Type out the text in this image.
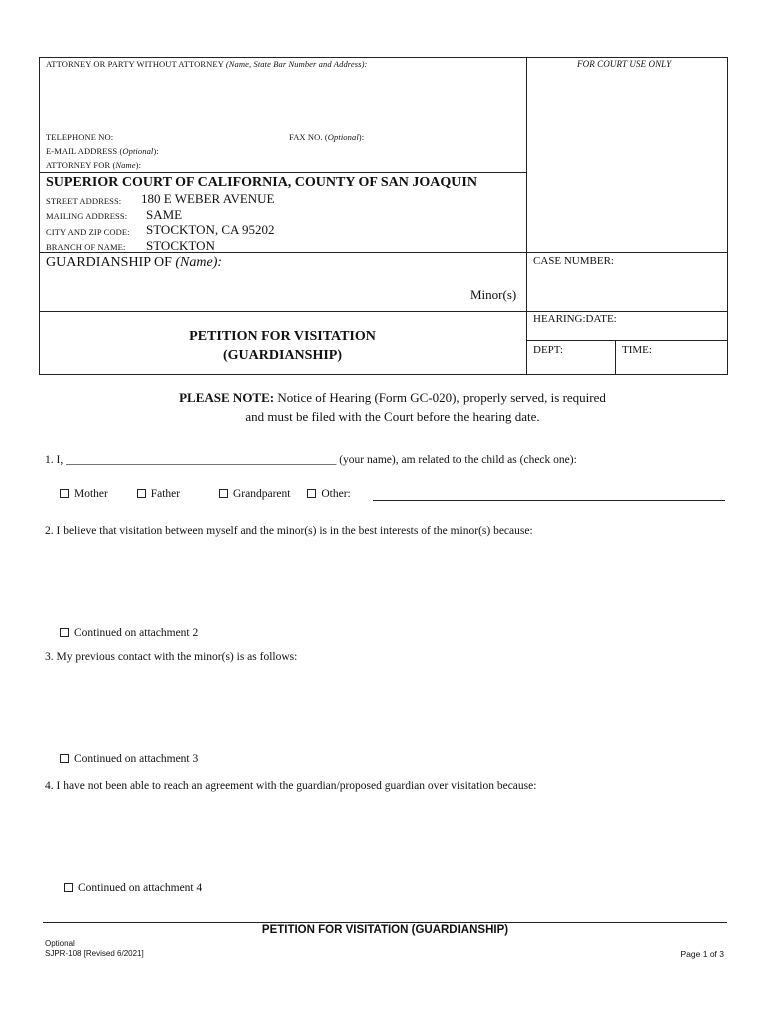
ATTORNEY OR PARTY WITHOUT ATTORNEY (Name, State Bar Number and Address):	FOR COURT USE ONLY
TELEPHONE NO:	FAX NO. (Optional):
E-MAIL ADDRESS (Optional):
ATTORNEY FOR (Name):
SUPERIOR COURT OF CALIFORNIA, COUNTY OF SAN JOAQUIN
STREET ADDRESS: 180 E WEBER AVENUE
MAILING ADDRESS: SAME
CITY AND ZIP CODE: STOCKTON, CA 95202
BRANCH OF NAME: STOCKTON
GUARDIANSHIP OF (Name):
Minor(s)
CASE NUMBER:
HEARING:DATE:
DEPT:	TIME:
PETITION FOR VISITATION
(GUARDIANSHIP)
PLEASE NOTE: Notice of Hearing (Form GC-020), properly served, is required
and must be filed with the Court before the hearing date.
1. I, _______________________________________________ (your name), am related to the child as (check one):
Mother	Father	Grandparent	Other:
2. I believe that visitation between myself and the minor(s) is in the best interests of the minor(s) because:
Continued on attachment 2
3. My previous contact with the minor(s) is as follows:
Continued on attachment 3
4. I have not been able to reach an agreement with the guardian/proposed guardian over visitation because:
Continued on attachment 4
PETITION FOR VISITATION (GUARDIANSHIP)
Optional
SJPR-108 [Revised 6/2021]	Page 1 of 3
